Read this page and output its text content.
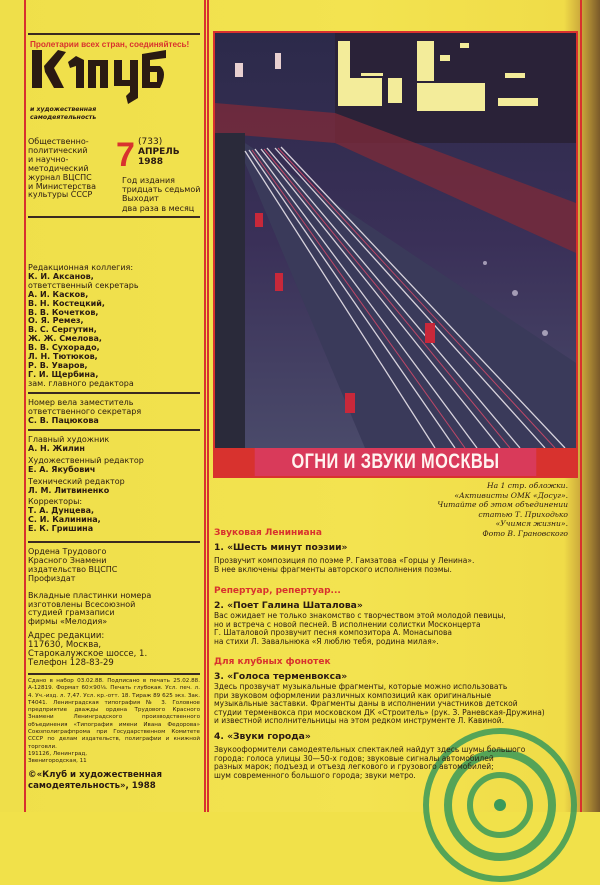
Пролетарии всех стран, соединяйтесь!
и художественная
самодеятельность
Общественно-
политический
и научно-
методический
журнал ВЦСПС
и Министерства
культуры СССР
7 (733)
АПРЕЛЬ
1988
Год издания
тридцать седьмой
Выходит
два раза в месяц
Редакционная коллегия:
К. И. Аксанов,
ответственный секретарь
А. И. Касков,
В. Н. Костецкий,
В. В. Кочетков,
О. Я. Ремез,
В. С. Сергутин,
Ж. Ж. Смелова,
В. В. Сухорадо,
Л. Н. Тютюков,
Р. В. Уваров,
Г. И. Щербина,
зам. главного редактора
Номер вела заместитель
ответственного секретаря
С. В. Пацюкова
Главный художник
А. Н. Жилин
Художественный редактор
Е. А. Якубович
Технический редактор
Л. М. Литвиненко
Корректоры:
Т. А. Дунцева,
С. И. Калинина,
Е. К. Гришина
Ордена Трудового
Красного Знамени
издательство ВЦСПС
Профиздат
Вкладные пластинки номера
изготовлены Всесоюзной
студией грамзаписи
фирмы «Мелодия»
Адрес редакции:
117630, Москва,
Старокалужское шоссе, 1.
Телефон 128-83-29
Сдано в набор 03.02.88. Подписано в печать 25.02.88. А-12819. Формат 60×90⅛. Печать глубокая. Усл. печ. л. 4. Уч.-изд. л. 7,47. Усл. кр.-отт. 18. Тираж 89 625 экз. Зак. Т4041. Ленинградская типография № 3. Головное предприятие дважды ордена Трудового Красного Знамени Ленинградского производственного объединения «Типография имени Ивана Федорова» Союзполиграфпрома при Государственном Комитете СССР по делам издательств, полиграфии и книжной торговли.
191126, Ленинград,
Звенигородская, 11
©«Клуб и художественная
самодеятельность», 1988
ОГНИ И ЗВУКИ МОСКВЫ
На 1 стр. обложки.
«Активисты ОМК «Досуг».
Читайте об этом объединении
статью Т. Приходько
«Учимся жизни».
Фото В. Грановского
Звуковая Лениниана
1. «Шесть минут поэзии»
Прозвучит композиция по поэме Р. Гамзатова «Горцы у Ленина».
В нее включены фрагменты авторского исполнения поэмы.
Репертуар, репертуар...
2. «Поет Галина Шаталова»
Вас ожидает не только знакомство с творчеством этой молодой певицы,
но и встреча с новой песней. В исполнении солистки Москонцерта
Г. Шаталовой прозвучит песня композитора А. Монасыпова
на стихи Л. Завальнюка «Я люблю тебя, родина милая».
Для клубных фонотек
3. «Голоса терменвокса»
Здесь прозвучат музыкальные фрагменты, которые можно использовать
при звуковом оформлении различных композиций как оригинальные
музыкальные заставки. Фрагменты даны в исполнении участников детской
студии терменвокса при московском ДК «Строитель» (рук. З. Раневская-Дружина)
и известной исполнительницы на этом редком инструменте Л. Кавиной.
4. «Звуки города»
Звукооформители самодеятельных спектаклей найдут здесь шумы большого
города: голоса улицы 30—50-х годов; звуковые сигналы автомобилей
разных марок; подъезд и отъезд легкового и грузового автомобилей;
шум современного большого города; звуки метро.
